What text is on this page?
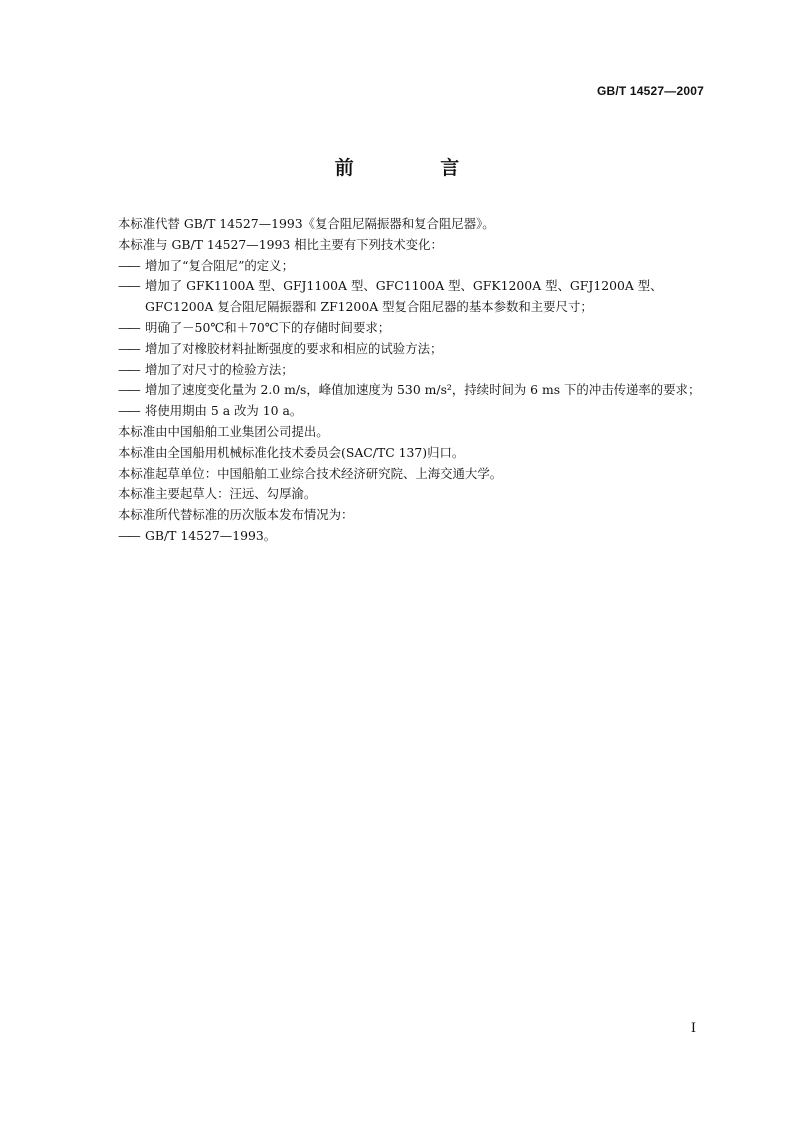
GB/T 14527—2007
前 言

本标准代替 GB/T 14527—1993《复合阻尼隔振器和复合阻尼器》。

本标准与 GB/T 14527—1993 相比主要有下列技术变化：

—— 增加了“复合阻尼”的定义；
—— 增加了 GFK1100A 型、GFJ1100A 型、GFC1100A 型、GFK1200A 型、GFJ1200A 型、GFC1200A 复合阻尼隔振器和 ZF1200A 型复合阻尼器的基本参数和主要尺寸；
—— 明确了－50℃和＋70℃下的存储时间要求；
—— 增加了对橡胶材料扯断强度的要求和相应的试验方法；
—— 增加了对尺寸的检验方法；
—— 增加了速度变化量为 2.0 m/s，峰值加速度为 530 m/s²，持续时间为 6 ms 下的冲击传递率的要求；
—— 将使用期由 5 a 改为 10 a。

本标准由中国船舶工业集团公司提出。

本标准由全国船用机械标准化技术委员会(SAC/TC 137)归口。

本标准起草单位：中国船舶工业综合技术经济研究院、上海交通大学。

本标准主要起草人：汪远、勾厚渝。

本标准所代替标准的历次版本发布情况为：

—— GB/T 14527—1993。
I
